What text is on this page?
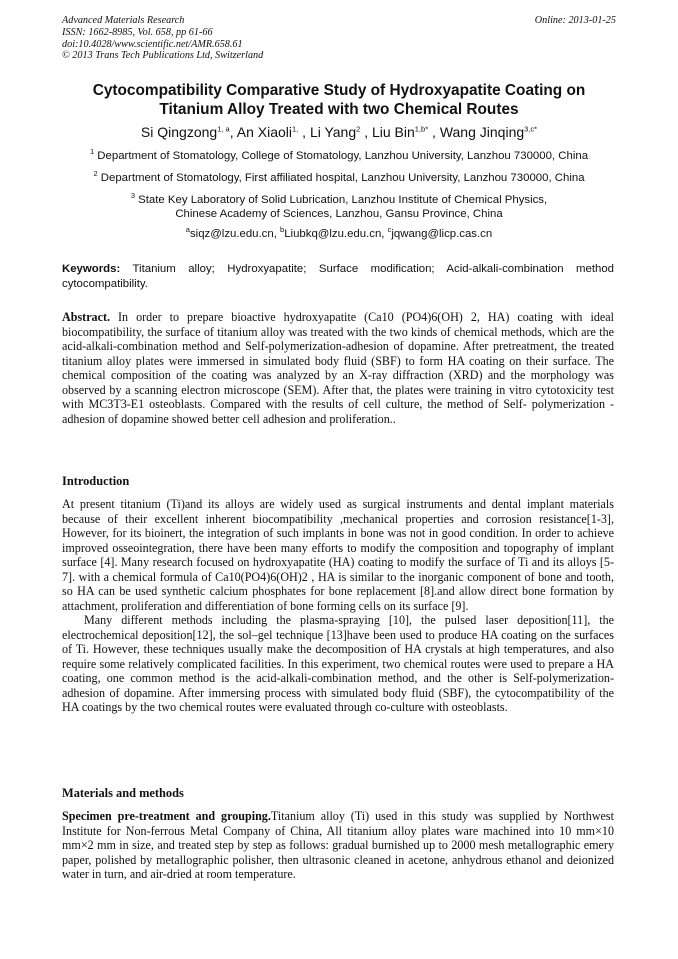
Advanced Materials Research
ISSN: 1662-8985, Vol. 658, pp 61-66
doi:10.4028/www.scientific.net/AMR.658.61
© 2013 Trans Tech Publications Ltd, Switzerland
Online: 2013-01-25
Cytocompatibility Comparative Study of Hydroxyapatite Coating on Titanium Alloy Treated with two Chemical Routes
Si Qingzong$^{1, a}$, An Xiaoli$^{1,}$ , Li Yang$^2$ , Liu Bin$^{1,b*}$ , Wang Jinqing$^{3,c*}$
$^1$ Department of Stomatology, College of Stomatology, Lanzhou University, Lanzhou 730000, China
$^2$ Department of Stomatology, First affiliated hospital, Lanzhou University, Lanzhou 730000, China
$^3$ State Key Laboratory of Solid Lubrication, Lanzhou Institute of Chemical Physics, Chinese Academy of Sciences, Lanzhou, Gansu Province, China
$^a$siqz@lzu.edu.cn, $^b$Liubkq@lzu.edu.cn, $^c$jqwang@licp.cas.cn
Keywords: Titanium alloy; Hydroxyapatite; Surface modification; Acid-alkali-combination method cytocompatibility.

Abstract. In order to prepare bioactive hydroxyapatite (Ca10 (PO4)6(OH) 2, HA) coating with ideal biocompatibility, the surface of titanium alloy was treated with the two kinds of chemical methods, which are the acid-alkali-combination method and Self-polymerization-adhesion of dopamine. After pretreatment, the treated titanium alloy plates were immersed in simulated body fluid (SBF) to form HA coating on their surface. The chemical composition of the coating was analyzed by an X-ray diffraction (XRD) and the morphology was observed by a scanning electron microscope (SEM). After that, the plates were training in vitro cytotoxicity test with MC3T3-E1 osteoblasts. Compared with the results of cell culture, the method of Self- polymerization -adhesion of dopamine showed better cell adhesion and proliferation..

Introduction

At present titanium (Ti)and its alloys are widely used as surgical instruments and dental implant materials because of their excellent inherent biocompatibility ,mechanical properties and corrosion resistance[1-3], However, for its bioinert, the integration of such implants in bone was not in good condition. In order to achieve improved osseointegration, there have been many efforts to modify the composition and topography of implant surface [4]. Many research focused on hydroxyapatite (HA) coating to modify the surface of Ti and its alloys [5-7]. with a chemical formula of Ca10(PO4)6(OH)2 , HA is similar to the inorganic component of bone and tooth, so HA can be used synthetic calcium phosphates for bone replacement [8].and allow direct bone formation by attachment, proliferation and differentiation of bone forming cells on its surface [9].

Many different methods including the plasma-spraying [10], the pulsed laser deposition[11], the electrochemical deposition[12], the sol–gel technique [13]have been used to produce HA coating on the surfaces of Ti. However, these techniques usually make the decomposition of HA crystals at high temperatures, and also require some relatively complicated facilities. In this experiment, two chemical routes were used to prepare a HA coating, one common method is the acid-alkali-combination method, and the other is Self-polymerization-adhesion of dopamine. After immersing process with simulated body fluid (SBF), the cytocompatibility of the HA coatings by the two chemical routes were evaluated through co-culture with osteoblasts.

Materials and methods

Specimen pre-treatment and grouping.Titanium alloy (Ti) used in this study was supplied by Northwest Institute for Non-ferrous Metal Company of China, All titanium alloy plates ware machined into 10 mm×10 mm×2 mm in size, and treated step by step as follows: gradual burnished up to 2000 mesh metallographic emery paper, polished by metallographic polisher, then ultrasonic cleaned in acetone, anhydrous ethanol and deionized water in turn, and air-dried at room temperature.
